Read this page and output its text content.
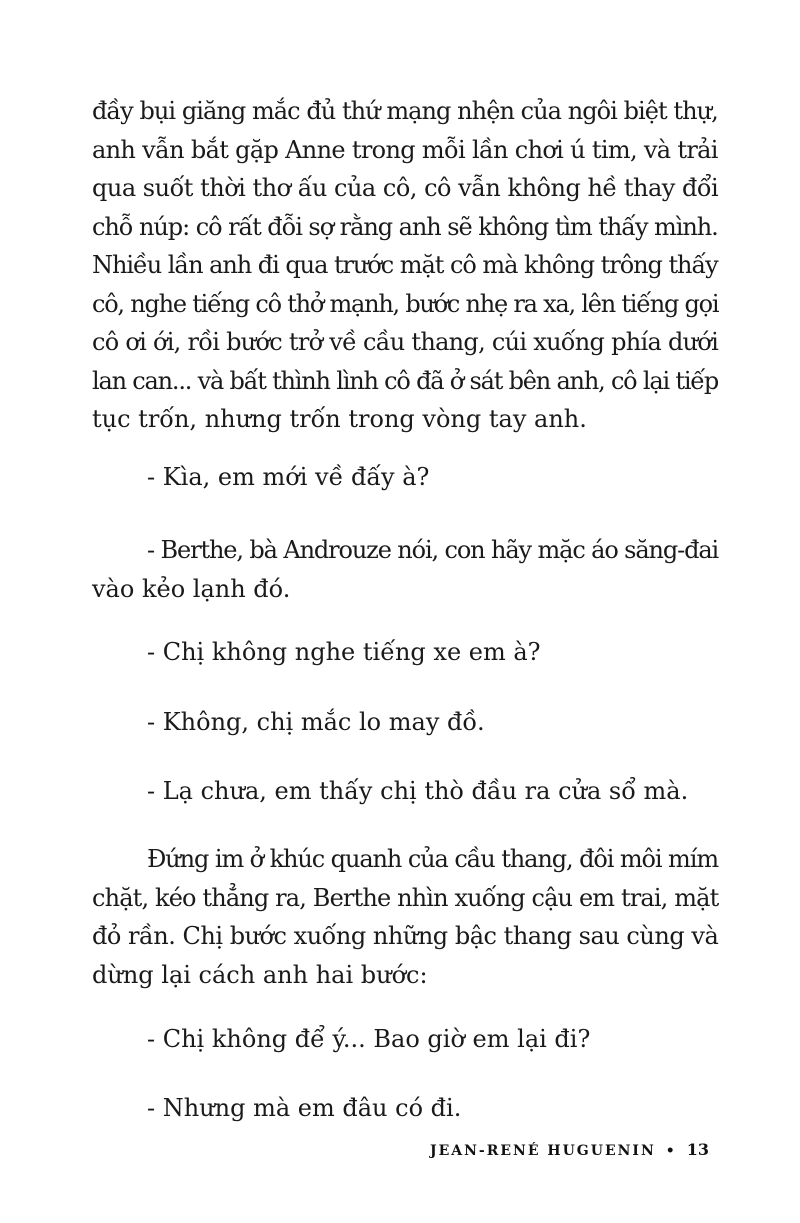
đầy bụi giăng mắc đủ thứ mạng nhện của ngôi biệt thự,
anh vẫn bắt gặp Anne trong mỗi lần chơi ú tim, và trải
qua suốt thời thơ ấu của cô, cô vẫn không hề thay đổi
chỗ núp: cô rất đỗi sợ rằng anh sẽ không tìm thấy mình.
Nhiều lần anh đi qua trước mặt cô mà không trông thấy
cô, nghe tiếng cô thở mạnh, bước nhẹ ra xa, lên tiếng gọi
cô ơi ới, rồi bước trở về cầu thang, cúi xuống phía dưới
lan can... và bất thình lình cô đã ở sát bên anh, cô lại tiếp
tục trốn, nhưng trốn trong vòng tay anh.

- Kìa, em mới về đấy à?

- Berthe, bà Androuze nói, con hãy mặc áo săng-đai
vào kẻo lạnh đó.

- Chị không nghe tiếng xe em à?

- Không, chị mắc lo may đồ.

- Lạ chưa, em thấy chị thò đầu ra cửa sổ mà.

Đứng im ở khúc quanh của cầu thang, đôi môi mím
chặt, kéo thẳng ra, Berthe nhìn xuống cậu em trai, mặt
đỏ rần. Chị bước xuống những bậc thang sau cùng và
dừng lại cách anh hai bước:

- Chị không để ý... Bao giờ em lại đi?

- Nhưng mà em đâu có đi.

JEAN-RENÉ HUGUENIN • 13
